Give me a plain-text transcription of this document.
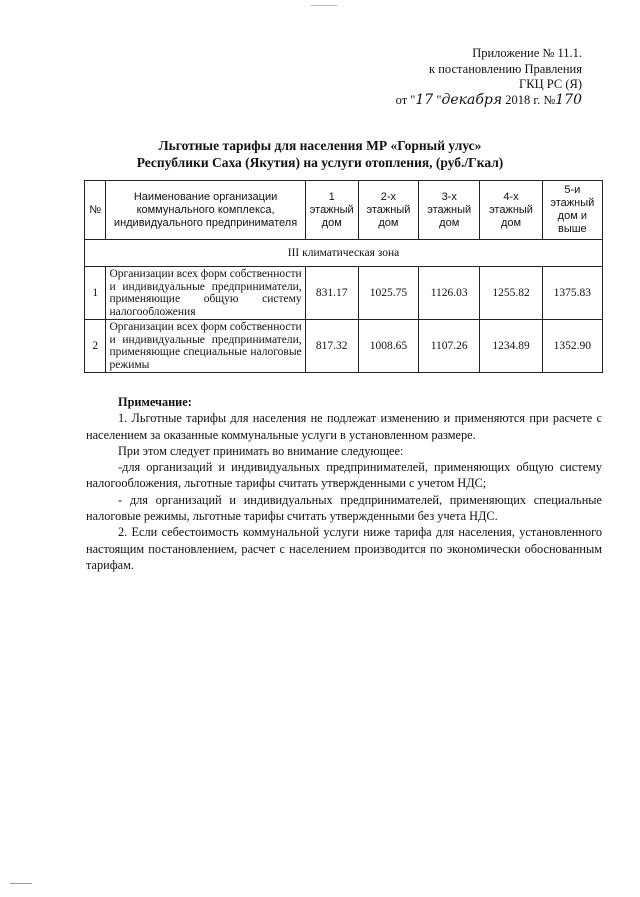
Приложение № 11.1.
к постановлению Правления
ГКЦ РС (Я)
от "17 "декабря 2018 г. №170
Льготные тарифы для населения МР «Горный улус»
Республики Саха (Якутия) на услуги отопления, (руб./Гкал)
№	Наименование организации коммунального комплекса, индивидуального предпринимателя	1 этажный дом	2-х этажный дом	3-х этажный дом	4-х этажный дом	5-и этажный дом и выше
III климатическая зона						
1	Организации всех форм собственности и индивидуальные предприниматели, применяющие общую систему налогообложения	831.17	1025.75	1126.03	1255.82	1375.83
2	Организации всех форм собственности и индивидуальные предприниматели, применяющие специальные налоговые режимы	817.32	1008.65	1107.26	1234.89	1352.90

Примечание:

1. Льготные тарифы для населения не подлежат изменению и применяются при расчете с населением за оказанные коммунальные услуги в установленном размере.

При этом следует принимать во внимание следующее:

-для организаций и индивидуальных предпринимателей, применяющих общую систему налогообложения, льготные тарифы считать утвержденными с учетом НДС;

- для организаций и индивидуальных предпринимателей, применяющих специальные налоговые режимы, льготные тарифы считать утвержденными без учета НДС.

2. Если себестоимость коммунальной услуги ниже тарифа для населения, установленного настоящим постановлением, расчет с населением производится по экономически обоснованным тарифам.
